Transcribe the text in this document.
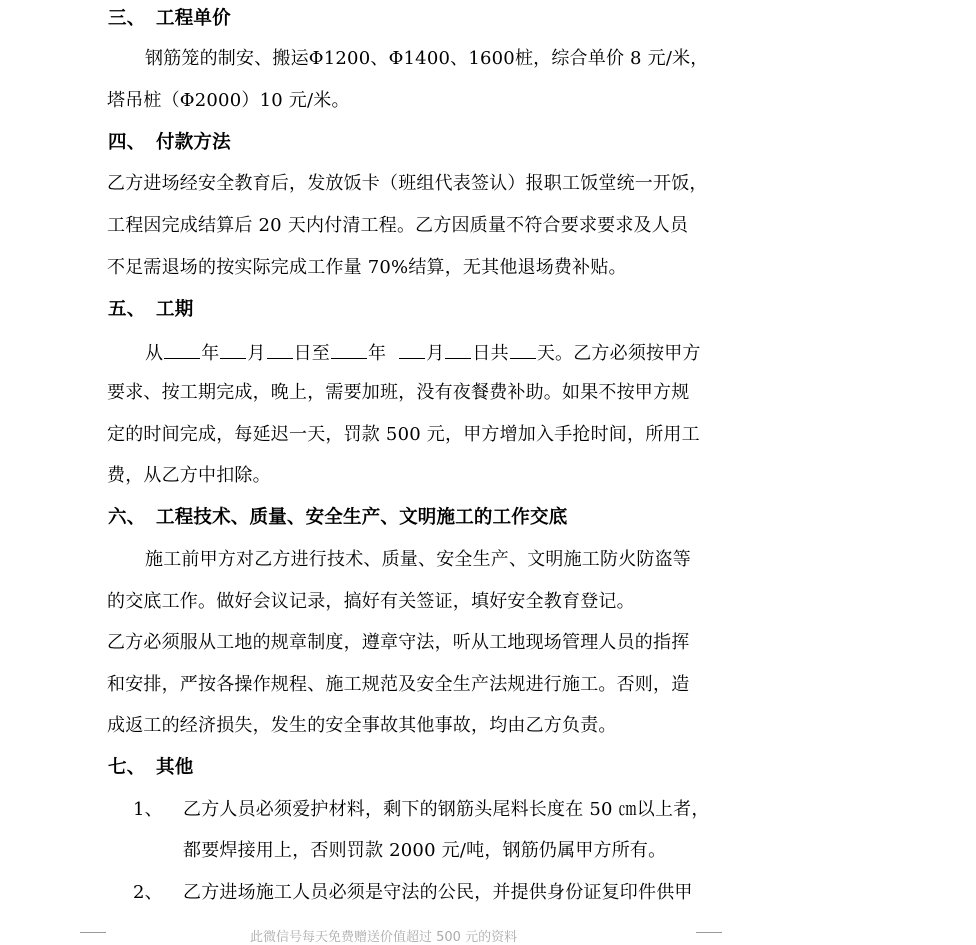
三、 工程单价
钢筋笼的制安、搬运Φ1200、Φ1400、1600桩，综合单价 8 元/米，
塔吊桩（Φ2000）10 元/米。
四、 付款方法
乙方进场经安全教育后，发放饭卡（班组代表签认）报职工饭堂统一开饭，
工程因完成结算后 20 天内付清工程。乙方因质量不符合要求要求及人员
不足需退场的按实际完成工作量 70%结算，无其他退场费补贴。
五、 工期
从 年 月 日至 年 月 日共 天。乙方必须按甲方
要求、按工期完成，晚上，需要加班，没有夜餐费补助。如果不按甲方规
定的时间完成，每延迟一天，罚款 500 元，甲方增加入手抢时间，所用工
费，从乙方中扣除。
六、 工程技术、质量、安全生产、文明施工的工作交底
施工前甲方对乙方进行技术、质量、安全生产、文明施工防火防盗等
的交底工作。做好会议记录，搞好有关签证，填好安全教育登记。
乙方必须服从工地的规章制度，遵章守法，听从工地现场管理人员的指挥
和安排，严按各操作规程、施工规范及安全生产法规进行施工。否则，造
成返工的经济损失，发生的安全事故其他事故，均由乙方负责。
七、 其他
1、 乙方人员必须爱护材料，剩下的钢筋头尾料长度在 50 ㎝以上者，
都要焊接用上，否则罚款 2000 元/吨，钢筋仍属甲方所有。
2、 乙方进场施工人员必须是守法的公民，并提供身份证复印件供甲
此微信号每天免费赠送价值超过 500 元的资料
